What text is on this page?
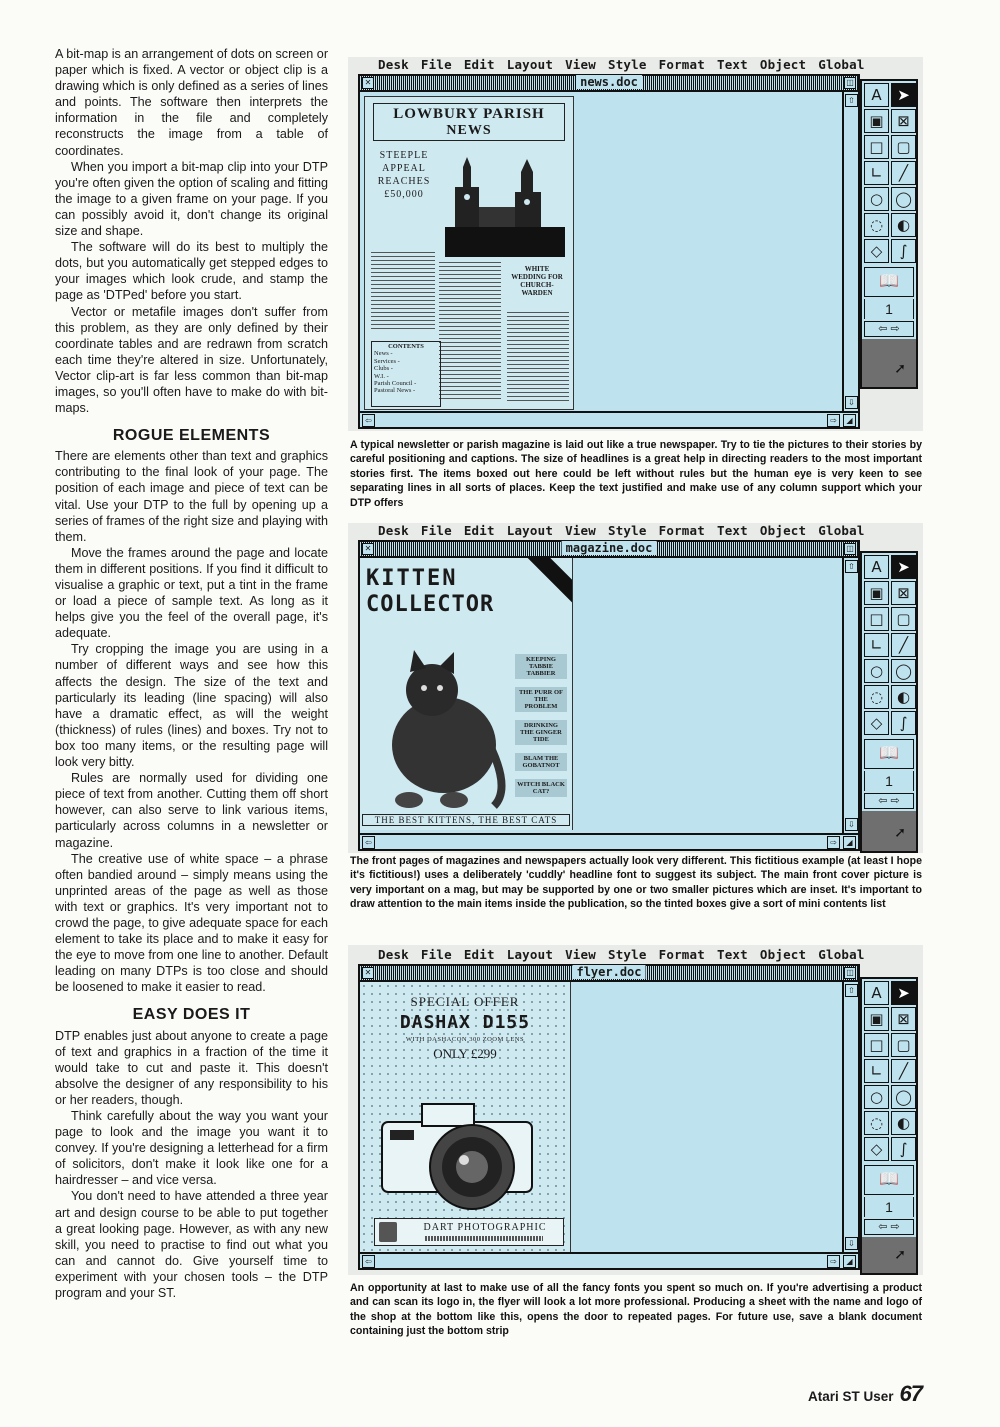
A bit-map is an arrangement of dots on screen or paper which is fixed. A vector or object clip is a drawing which is only defined as a series of lines and points. The software then interprets the information in the file and completely reconstructs the image from a table of coordinates.

When you import a bit-map clip into your DTP you're often given the option of scaling and fitting the image to a given frame on your page. If you can possibly avoid it, don't change its original size and shape.

The software will do its best to multiply the dots, but you automatically get stepped edges to your images which look crude, and stamp the page as 'DTPed' before you start.

Vector or metafile images don't suffer from this problem, as they are only defined by their coordinate tables and are redrawn from scratch each time they're altered in size. Unfortunately, Vector clip-art is far less common than bit-map images, so you'll often have to make do with bit-maps.

ROGUE ELEMENTS

There are elements other than text and graphics contributing to the final look of your page. The position of each image and piece of text can be vital. Use your DTP to the full by opening up a series of frames of the right size and playing with them.

Move the frames around the page and locate them in different positions. If you find it difficult to visualise a graphic or text, put a tint in the frame or load a piece of sample text. As long as it helps give you the feel of the overall page, it's adequate.

Try cropping the image you are using in a number of different ways and see how this affects the design. The size of the text and particularly its leading (line spacing) will also have a dramatic effect, as will the weight (thickness) of rules (lines) and boxes. Try not to box too many items, or the resulting page will look very bitty.

Rules are normally used for dividing one piece of text from another. Cutting them off short however, can also serve to link various items, particularly across columns in a newsletter or magazine.

The creative use of white space – a phrase often bandied around – simply means using the unprinted areas of the page as well as those with text or graphics. It's very important not to crowd the page, to give adequate space for each element to take its place and to make it easy for the eye to move from one line to another. Default leading on many DTPs is too close and should be loosened to make it easier to read.

EASY DOES IT

DTP enables just about anyone to create a page of text and graphics in a fraction of the time it would take to cut and paste it. This doesn't absolve the designer of any responsibility to his or her readers, though.

Think carefully about the way you want your page to look and the image you want it to convey. If you're designing a letterhead for a firm of solicitors, don't make it look like one for a hairdresser – and vice versa.

You don't need to have attended a three year art and design course to be able to put together a great looking page. However, as with any new skill, you need to practise to find out what you can and cannot do. Give yourself time to experiment with your chosen tools – the DTP program and your ST.

Desk File Edit Layout View Style Format Text Object Global
✕	news.doc	◫
LOWBURY PARISH
NEWS
STEEPLE APPEAL REACHES £50,000
WHITE WEDDING FOR CHURCH-WARDEN
CONTENTS
News -
Services -
Clubs -
W.I. -
Parish Council -
Pastoral News -
⇧
⇩
⇦	⇨	◢
A	➤
▣ ⊠
□ ▢
∟	╱
○ ◯
◌ ◐
◇	∫
📖
1
⇦ ⇨
➚
A typical newsletter or parish magazine is laid out like a true newspaper. Try to tie the pictures to their stories by careful positioning and captions. The size of headlines is a great help in directing readers to the most important stories first. The items boxed out here could be left without rules but the human eye is very keen to see separating lines in all sorts of places. Keep the text justified and make use of any column support which your DTP offers
Desk File Edit Layout View Style Format Text Object Global
✕	magazine.doc	◫
KITTEN
COLLECTOR
KEEPING TABBIE TABBIER
THE PURR OF THE PROBLEM
DRINKING THE GINGER TIDE
BLAM THE GOBATNOT
WITCH BLACK CAT?
THE BEST KITTENS, THE BEST CATS
⇧
⇩
⇦	⇨	◢
A	➤
▣ ⊠
□ ▢
∟	╱
○ ◯
◌ ◐
◇	∫
📖
1
⇦ ⇨
➚
The front pages of magazines and newspapers actually look very different. This fictitious example (at least I hope it's fictitious!) uses a deliberately 'cuddly' headline font to suggest its subject. The main front cover picture is very important on a mag, but may be supported by one or two smaller pictures which are inset. It's important to draw attention to the main items inside the publication, so the tinted boxes give a sort of mini contents list
Desk File Edit Layout View Style Format Text Object Global
✕	flyer.doc	◫
SPECIAL OFFER
DASHAX D155
WITH DASHACON 300 ZOOM LENS
ONLY £299
DART PHOTOGRAPHIC
⇧
⇩
⇦	⇨	◢
A	➤
▣ ⊠
□ ▢
∟	╱
○ ◯
◌ ◐
◇	∫
📖
1
⇦ ⇨
➚
An opportunity at last to make use of all the fancy fonts you spent so much on. If you're advertising a product and can scan its logo in, the flyer will look a lot more professional. Producing a sheet with the name and logo of the shop at the bottom like this, opens the door to repeated pages. For future use, save a blank document containing just the bottom strip
Atari ST User 67
